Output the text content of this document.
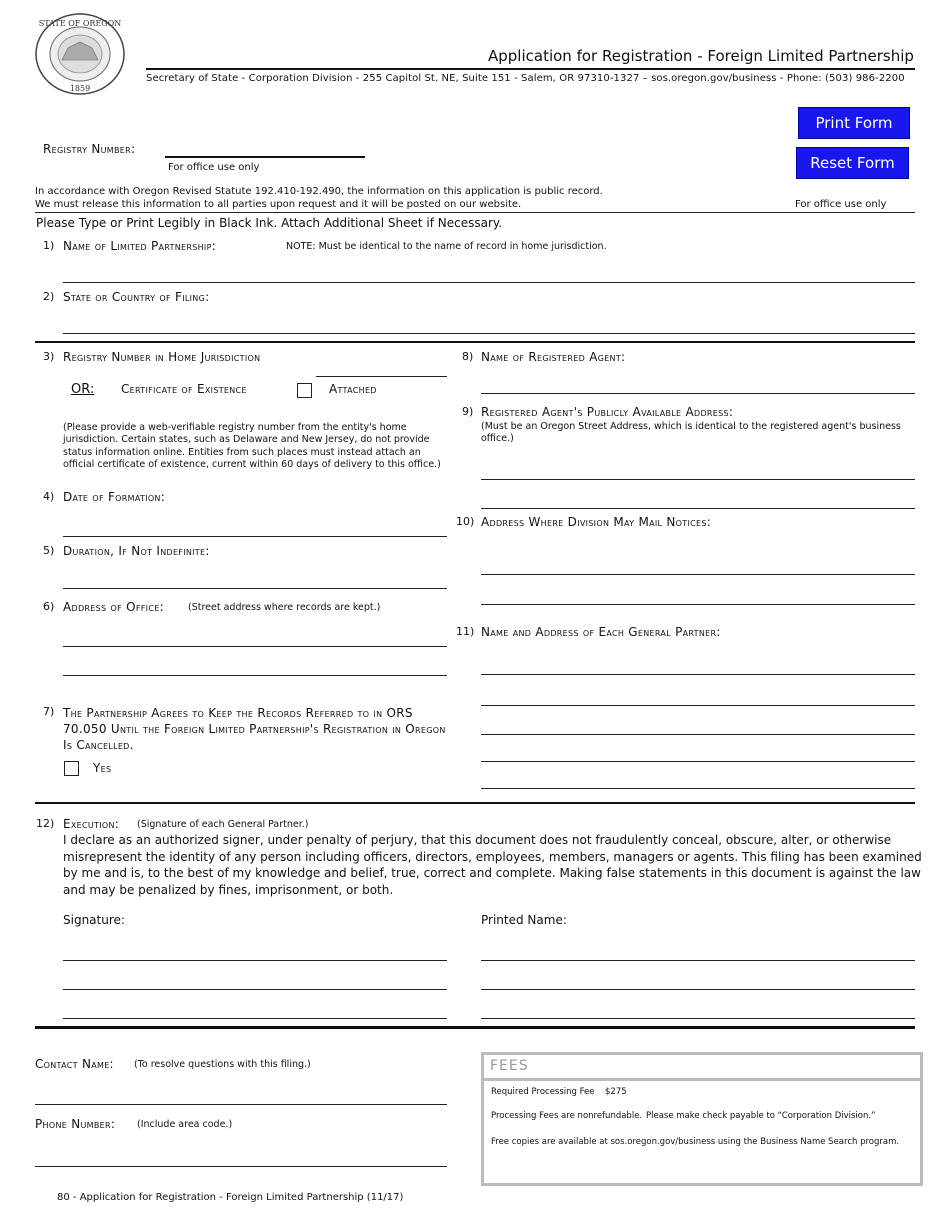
STATE OF OREGON
1859
Application for Registration - Foreign Limited Partnership
Secretary of State - Corporation Division - 255 Capitol St. NE, Suite 151 - Salem, OR 97310-1327 – sos.oregon.gov/business - Phone: (503) 986-2200
Print Form
Reset Form
Registry Number:
For office use only
In accordance with Oregon Revised Statute 192.410-192.490, the information on this application is public record.
We must release this information to all parties upon request and it will be posted on our website.	For office use only
Please Type or Print Legibly in Black Ink. Attach Additional Sheet if Necessary.
1) Name of Limited Partnership:	NOTE: Must be identical to the name of record in home jurisdiction.
2) State or Country of Filing:
3) Registry Number in Home Jurisdiction
OR: Certificate of Existence	Attached
(Please provide a web-verifiable registry number from the entity's home jurisdiction. Certain states, such as Delaware and New Jersey, do not provide status information online. Entities from such places must instead attach an official certificate of existence, current within 60 days of delivery to this office.)
4) Date of Formation:
5) Duration, If Not Indefinite:
6) Address of Office:	(Street address where records are kept.)
7) The Partnership Agrees to Keep the Records Referred to in ORS 70.050 Until the Foreign Limited Partnership's Registration in Oregon Is Cancelled.
Yes
8) Name of Registered Agent:
9) Registered Agent's Publicly Available Address:
(Must be an Oregon Street Address, which is identical to the registered agent's business office.)
10) Address Where Division May Mail Notices:
11) Name and Address of Each General Partner:
12) Execution: (Signature of each General Partner.)
I declare as an authorized signer, under penalty of perjury, that this document does not fraudulently conceal, obscure, alter, or otherwise misrepresent the identity of any person including officers, directors, employees, members, managers or agents. This filing has been examined by me and is, to the best of my knowledge and belief, true, correct and complete. Making false statements in this document is against the law and may be penalized by fines, imprisonment, or both.
Signature:	Printed Name:
Contact Name: (To resolve questions with this filing.)
Phone Number: (Include area code.)
FEES
Required Processing Fee $275
Processing Fees are nonrefundable. Please make check payable to “Corporation Division.”
Free copies are available at sos.oregon.gov/business using the Business Name Search program.
80 - Application for Registration - Foreign Limited Partnership (11/17)
